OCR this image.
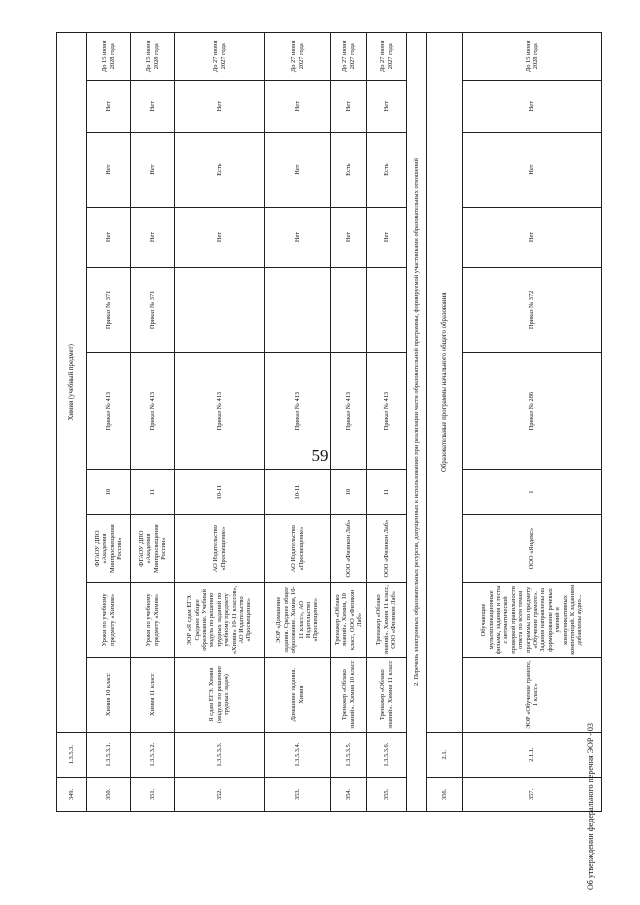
59
349.	1.3.5.3.	Химия (учебный предмет)									
350.	1.3.5.3.1.	Химия 10 класс	Уроки по учебному предмету «Химия»	ФГАОУ ДПО «Академия Минпросвещения России»	10	Приказ № 413	Приказ № 371	Нет	Нет	Нет	До 15 июня 2028 года
351.	1.3.5.3.2.	Химия 11 класс	Уроки по учебному предмету «Химия»	ФГАОУ ДПО «Академия Минпросвещения России»	11	Приказ № 413	Приказ № 371	Нет	Нет	Нет	До 15 июня 2028 года
352.	1.3.5.3.3.	Я сдам ЕГЭ. Химия (модули по решению трудных задач)	ЭОР «Я сдам ЕГЭ. Среднее общее образование. Учебный модуль по решению трудных заданий по учебному предмету «Химия» 10-11 классов», АО Издательство «Просвещение»	АО Издательство «Просвещение»	10-11	Приказ № 413		Нет	Есть	Нет	До 27 июня 2027 года
353.	1.3.5.3.4.	Домашние задания. Химия	ЭОР «Домашние задания. Среднее общее образование. Химия, 10-11 класс», АО Издательство «Просвещение»	АО Издательство «Просвещение»	10-11	Приказ № 413		Нет	Нет	Нет	До 27 июня 2027 года
354.	1.3.5.3.5.	Тренажер «Облако знаний». Химия 10 класс	Тренажер «Облако знаний». Химия, 10 класс, ООО «Физикон Лаб»	ООО «Физикон Лаб»	10	Приказ № 413		Нет	Есть	Нет	До 27 июня 2027 года
355.	1.3.5.3.6.	Тренажер «Облако знаний». Химия 11 класс	Тренажер «Облако знаний». Химия 11 класс, ООО «Физикон Лаб»	ООО «Физикон Лаб»	11	Приказ № 413		Нет	Есть	Нет	До 27 июня 2027 года
2. Перечень электронных образовательных ресурсов, допущенных к использованию при реализации части образовательной программы, формируемой участниками образовательных отношений											
356.	2.1.	Образовательные программы начального общего образования									
357.	2.1.1.	ЭОР «Обучение грамоте, 1 класс»	Обучающие мультипликационные фильмы, задания и тесты с автоматической проверкой правильности ответа по всем темам программы по предмету «Обучение грамоте». Задания направлены на формирование речевых умений и коммуникативных компетенций. К заданиям добавлены аудио...	ООО «Яндекс»	1	Приказ № 286	Приказ № 372	Нет	Нет	Нет	До 15 июня 2028 года
Об утверждении федерального перечня ЭОР - 03
